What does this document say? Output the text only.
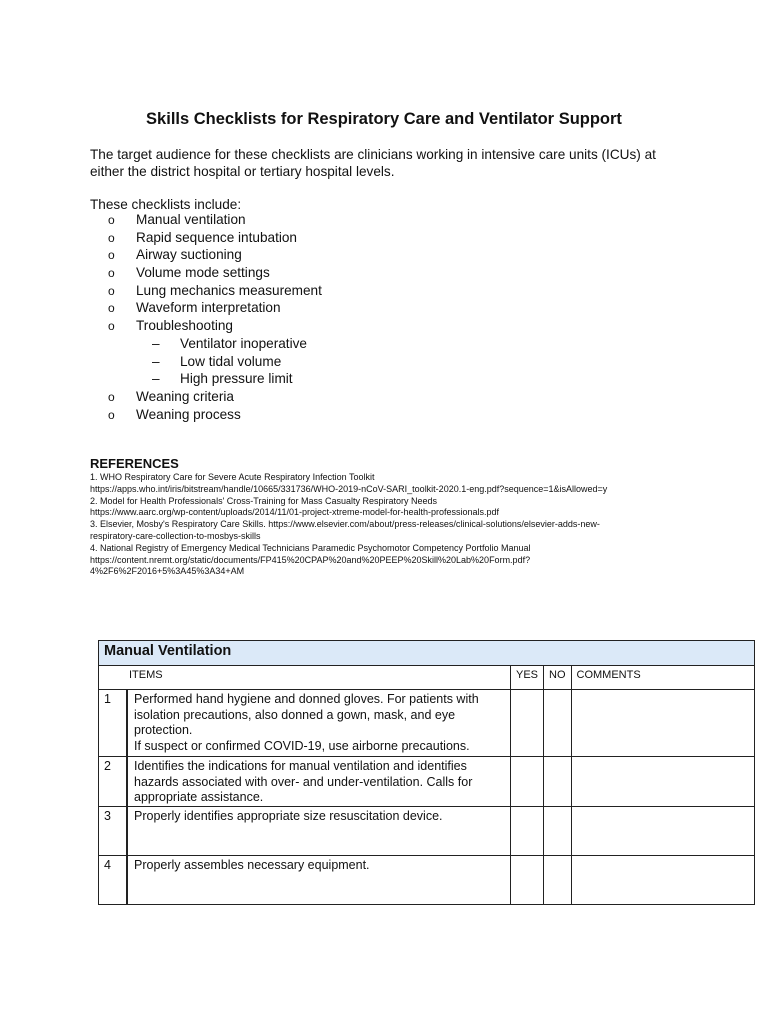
Skills Checklists for Respiratory Care and Ventilator Support
The target audience for these checklists are clinicians working in intensive care units (ICUs) at either the district hospital or tertiary hospital levels.
These checklists include:
o Manual ventilation
o Rapid sequence intubation
o Airway suctioning
o Volume mode settings
o Lung mechanics measurement
o Waveform interpretation
o Troubleshooting
– Ventilator inoperative
– Low tidal volume
– High pressure limit
o Weaning criteria
o Weaning process
REFERENCES
1. WHO Respiratory Care for Severe Acute Respiratory Infection Toolkit
https://apps.who.int/iris/bitstream/handle/10665/331736/WHO-2019-nCoV-SARI_toolkit-2020.1-eng.pdf?sequence=1&isAllowed=y
2. Model for Health Professionals' Cross-Training for Mass Casualty Respiratory Needs
https://www.aarc.org/wp-content/uploads/2014/11/01-project-xtreme-model-for-health-professionals.pdf
3. Elsevier, Mosby's Respiratory Care Skills. https://www.elsevier.com/about/press-releases/clinical-solutions/elsevier-adds-new-
respiratory-care-collection-to-mosbys-skills
4. National Registry of Emergency Medical Technicians Paramedic Psychomotor Competency Portfolio Manual
https://content.nremt.org/static/documents/FP415%20CPAP%20and%20PEEP%20Skill%20Lab%20Form.pdf?
4%2F6%2F2016+5%3A45%3A34+AM
Manual Ventilation				
ITEMS		YES	NO	COMMENTS
1	Performed hand hygiene and donned gloves. For patients with isolation precautions, also donned a gown, mask, and eye protection.
If suspect or confirmed COVID-19, use airborne precautions.			

2	Identifies the indications for manual ventilation and identifies hazards associated with over- and under-ventilation. Calls for appropriate assistance.			

3	Properly identifies appropriate size resuscitation device.			

4	Properly assembles necessary equipment.			
